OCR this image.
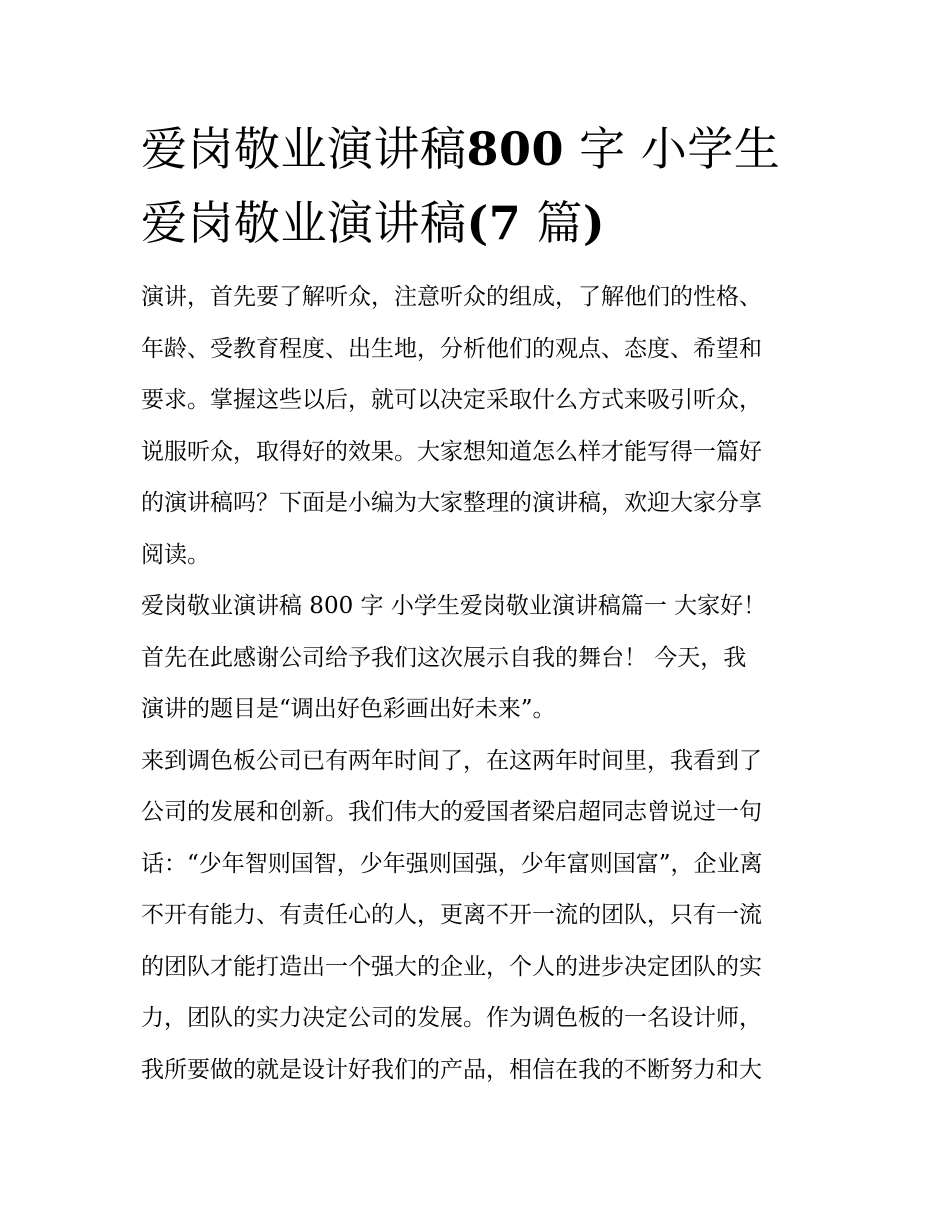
爱岗敬业演讲稿800 字 小学生
爱岗敬业演讲稿(7 篇)
演讲，首先要了解听众，注意听众的组成，了解他们的性格、
年龄、受教育程度、出生地，分析他们的观点、态度、希望和
要求。掌握这些以后，就可以决定采取什么方式来吸引听众，
说服听众，取得好的效果。大家想知道怎么样才能写得一篇好
的演讲稿吗？下面是小编为大家整理的演讲稿，欢迎大家分享
阅读。
爱岗敬业演讲稿 800 字 小学生爱岗敬业演讲稿篇一 大家好！
首先在此感谢公司给予我们这次展示自我的舞台！ 今天，我
演讲的题目是“调出好色彩画出好未来”。
来到调色板公司已有两年时间了，在这两年时间里，我看到了
公司的发展和创新。我们伟大的爱国者梁启超同志曾说过一句
话：“少年智则国智，少年强则国强，少年富则国富”，企业离
不开有能力、有责任心的人，更离不开一流的团队，只有一流
的团队才能打造出一个强大的企业，个人的进步决定团队的实
力，团队的实力决定公司的发展。作为调色板的一名设计师，
我所要做的就是设计好我们的产品，相信在我的不断努力和大
